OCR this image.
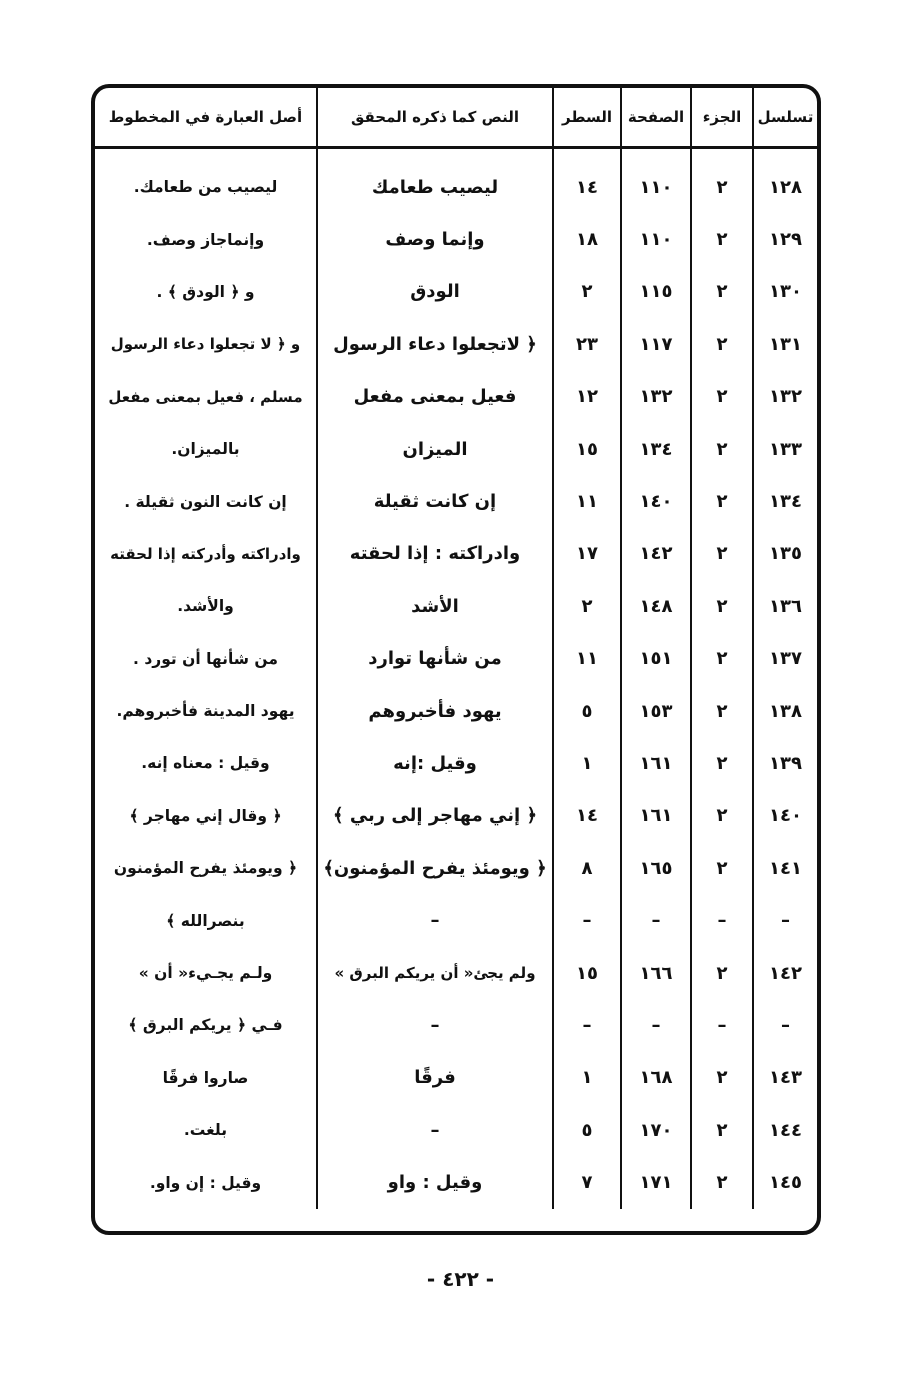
تسلسل	الجزء	الصفحة	السطر	النص كما ذكره المحقق	أصل العبارة في المخطوط
١٢٨	٢	١١٠	١٤	ليصيب طعامك	ليصيب من طعامك.
١٢٩	٢	١١٠	١٨	وإنما وصف	وإنماجاز وصف.
١٣٠	٢	١١٥	٢	الودق	و ﴿ الودق ﴾ .
١٣١	٢	١١٧	٢٣	﴿ لاتجعلوا دعاء الرسول	و ﴿ لا تجعلوا دعاء الرسول
١٣٢	٢	١٣٢	١٢	فعيل بمعنى مفعل	مسلم ، فعيل بمعنى مفعل
١٣٣	٢	١٣٤	١٥	الميزان	بالميزان.
١٣٤	٢	١٤٠	١١	إن كانت ثقيلة	إن كانت النون ثقيلة .
١٣٥	٢	١٤٢	١٧	وادراكته : إذا لحقته	وادراكته وأدركته إذا لحقته
١٣٦	٢	١٤٨	٢	الأشد	والأشد.
١٣٧	٢	١٥١	١١	من شأنها توارد	من شأنها أن تورد .
١٣٨	٢	١٥٣	٥	يهود فأخبروهم	يهود المدينة فأخبروهم.
١٣٩	٢	١٦١	١	وقيل :إنه	وقيل : معناه إنه.
١٤٠	٢	١٦١	١٤	﴿ إني مهاجر إلى ربي ﴾	﴿ وقال إني مهاجر ﴾
١٤١	٢	١٦٥	٨	﴿ ويومئذ يفرح المؤمنون﴾	﴿ ويومئذ يفرح المؤمنون
–	–	–	–	–	بنصرالله ﴾
١٤٢	٢	١٦٦	١٥	ولم يجئ« أن يريكم البرق »	ولـم يجـيء« أن »
–	–	–	–	–	فـي ﴿ يريكم البرق ﴾
١٤٣	٢	١٦٨	١	فرقًا	صاروا فرقًا
١٤٤	٢	١٧٠	٥	–	بلغت.
١٤٥	٢	١٧١	٧	وقيل : واو	وقيل : إن واو.
- ٤٢٢ -
